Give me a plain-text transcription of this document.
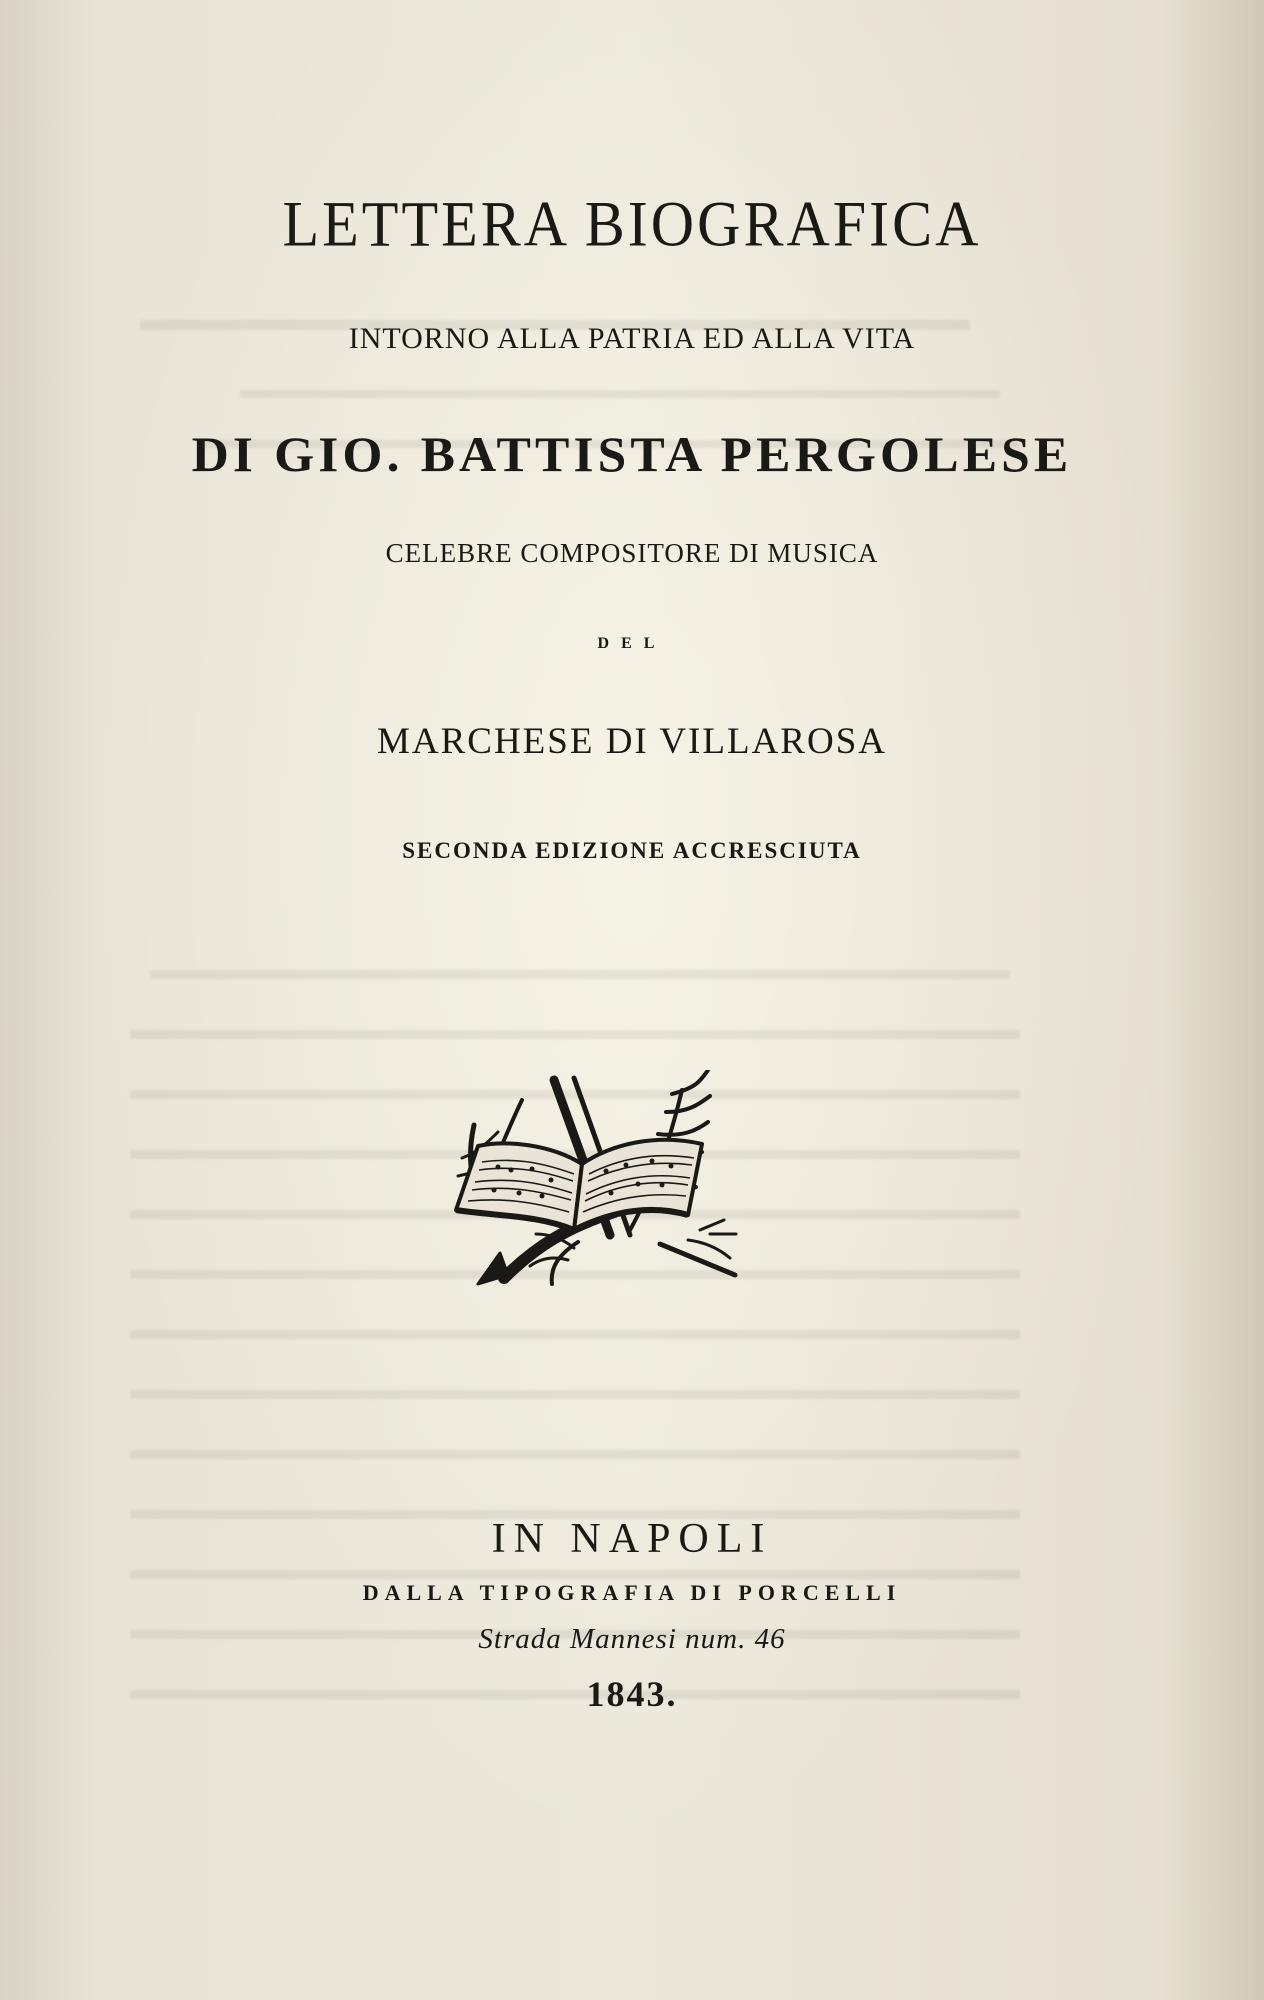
LETTERA BIOGRAFICA
INTORNO ALLA PATRIA ED ALLA VITA
DI GIO. BATTISTA PERGOLESE
CELEBRE COMPOSITORE DI MUSICA
DEL
MARCHESE DI VILLAROSA
SECONDA EDIZIONE ACCRESCIUTA
IN NAPOLI
DALLA TIPOGRAFIA DI PORCELLI
Strada Mannesi num. 46
1843.
